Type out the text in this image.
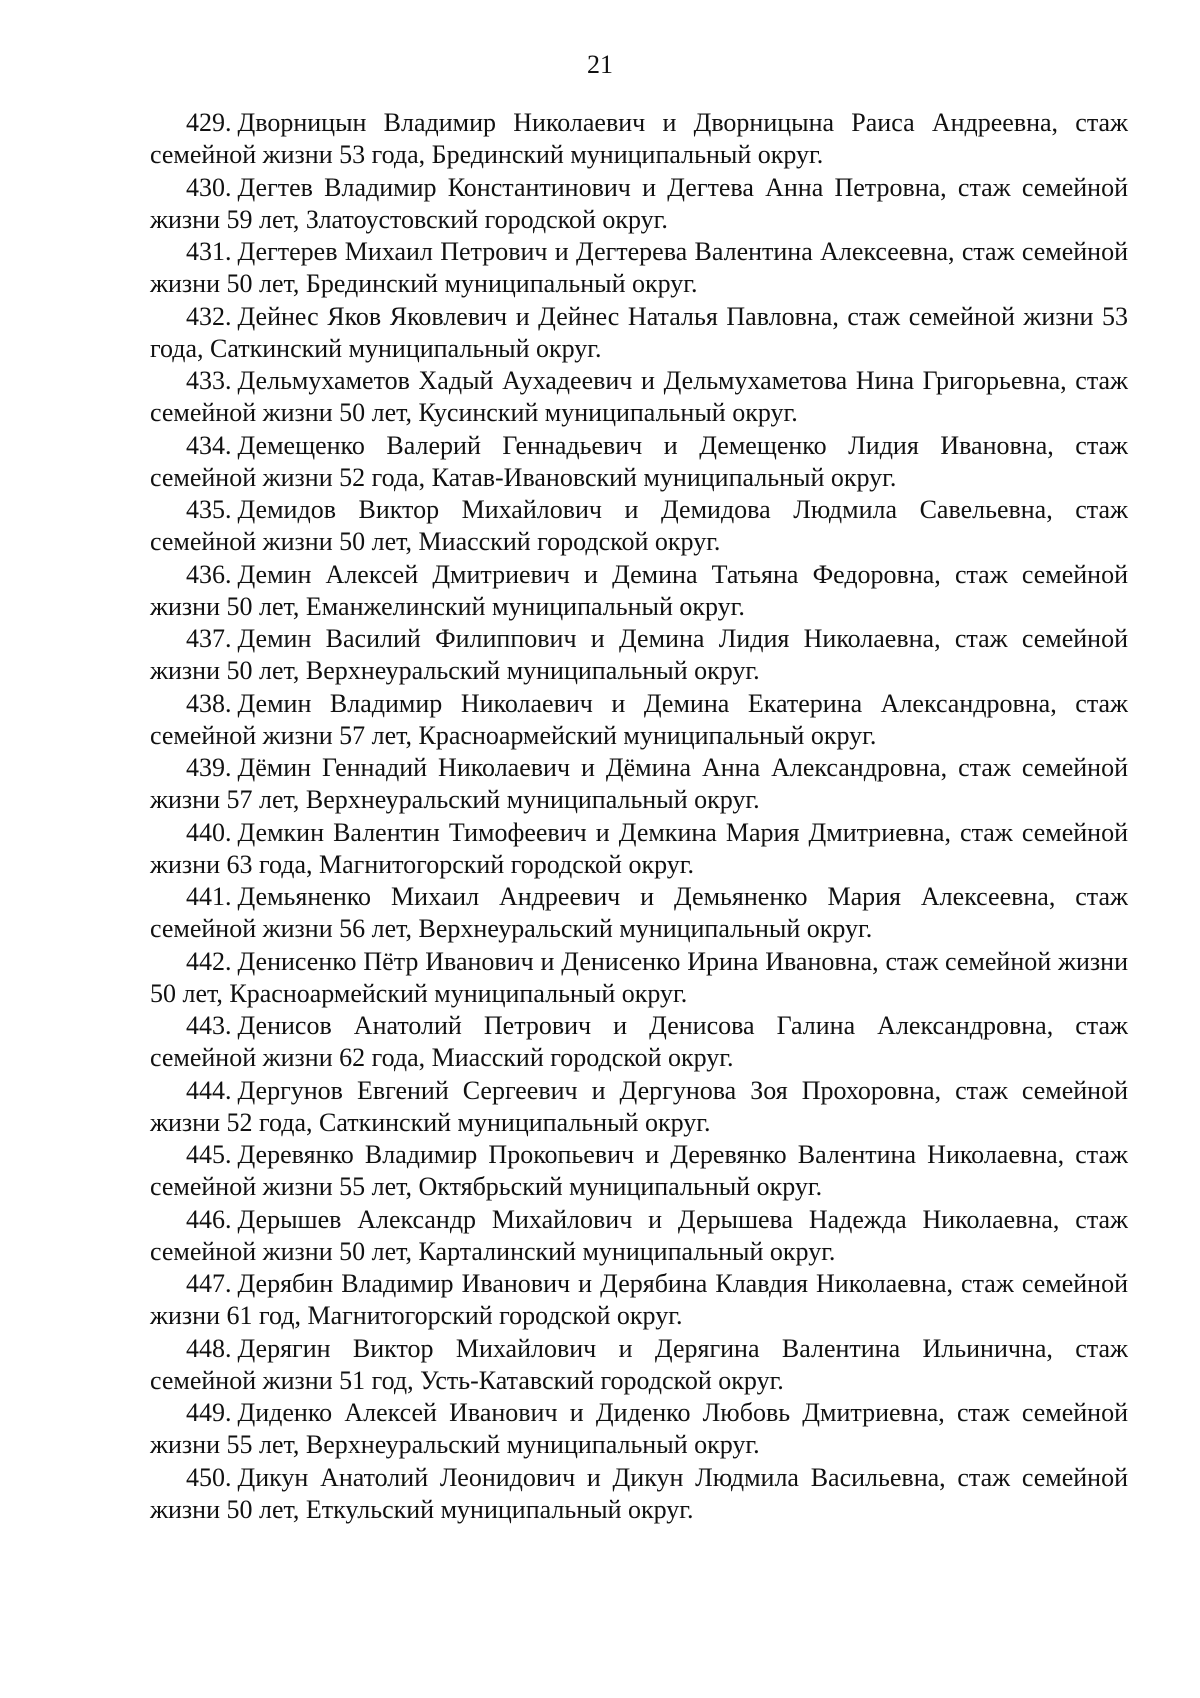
21

429. Дворницын Владимир Николаевич и Дворницына Раиса Андреевна, стаж семейной жизни 53 года, Брединский муниципальный округ.

430. Дегтев Владимир Константинович и Дегтева Анна Петровна, стаж семейной жизни 59 лет, Златоустовский городской округ.

431. Дегтерев Михаил Петрович и Дегтерева Валентина Алексеевна, стаж семейной жизни 50 лет, Брединский муниципальный округ.

432. Дейнес Яков Яковлевич и Дейнес Наталья Павловна, стаж семейной жизни 53 года, Саткинский муниципальный округ.

433. Дельмухаметов Хадый Аухадеевич и Дельмухаметова Нина Григорьевна, стаж семейной жизни 50 лет, Кусинский муниципальный округ.

434. Демещенко Валерий Геннадьевич и Демещенко Лидия Ивановна, стаж семейной жизни 52 года, Катав-Ивановский муниципальный округ.

435. Демидов Виктор Михайлович и Демидова Людмила Савельевна, стаж семейной жизни 50 лет, Миасский городской округ.

436. Демин Алексей Дмитриевич и Демина Татьяна Федоровна, стаж семейной жизни 50 лет, Еманжелинский муниципальный округ.

437. Демин Василий Филиппович и Демина Лидия Николаевна, стаж семейной жизни 50 лет, Верхнеуральский муниципальный округ.

438. Демин Владимир Николаевич и Демина Екатерина Александровна, стаж семейной жизни 57 лет, Красноармейский муниципальный округ.

439. Дёмин Геннадий Николаевич и Дёмина Анна Александровна, стаж семейной жизни 57 лет, Верхнеуральский муниципальный округ.

440. Демкин Валентин Тимофеевич и Демкина Мария Дмитриевна, стаж семейной жизни 63 года, Магнитогорский городской округ.

441. Демьяненко Михаил Андреевич и Демьяненко Мария Алексеевна, стаж семейной жизни 56 лет, Верхнеуральский муниципальный округ.

442. Денисенко Пётр Иванович и Денисенко Ирина Ивановна, стаж семейной жизни 50 лет, Красноармейский муниципальный округ.

443. Денисов Анатолий Петрович и Денисова Галина Александровна, стаж семейной жизни 62 года, Миасский городской округ.

444. Дергунов Евгений Сергеевич и Дергунова Зоя Прохоровна, стаж семейной жизни 52 года, Саткинский муниципальный округ.

445. Деревянко Владимир Прокопьевич и Деревянко Валентина Николаевна, стаж семейной жизни 55 лет, Октябрьский муниципальный округ.

446. Дерышев Александр Михайлович и Дерышева Надежда Николаевна, стаж семейной жизни 50 лет, Карталинский муниципальный округ.

447. Дерябин Владимир Иванович и Дерябина Клавдия Николаевна, стаж семейной жизни 61 год, Магнитогорский городской округ.

448. Дерягин Виктор Михайлович и Дерягина Валентина Ильинична, стаж семейной жизни 51 год, Усть-Катавский городской округ.

449. Диденко Алексей Иванович и Диденко Любовь Дмитриевна, стаж семейной жизни 55 лет, Верхнеуральский муниципальный округ.

450. Дикун Анатолий Леонидович и Дикун Людмила Васильевна, стаж семейной жизни 50 лет, Еткульский муниципальный округ.
